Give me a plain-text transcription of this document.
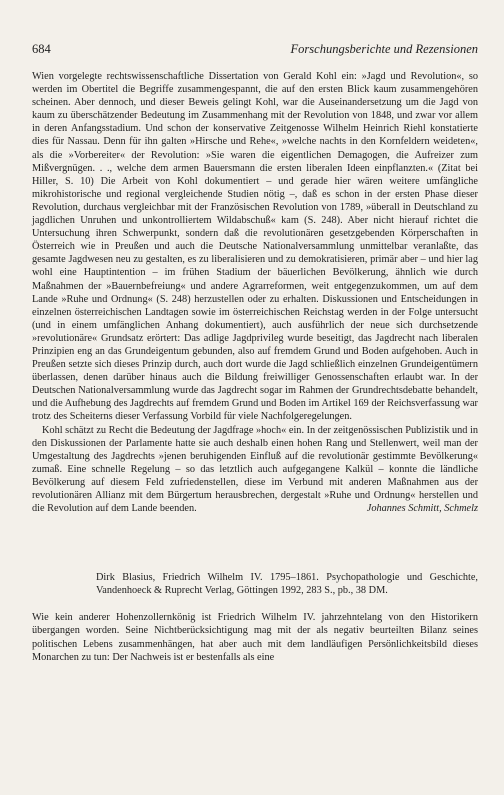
684	Forschungsberichte und Rezensionen

Wien vorgelegte rechtswissenschaftliche Dissertation von Gerald Kohl ein: »Jagd und Revolution«, so werden im Obertitel die Begriffe zusammengespannt, die auf den ersten Blick kaum zusammengehören scheinen. Aber dennoch, und dieser Beweis gelingt Kohl, war die Auseinandersetzung um die Jagd von kaum zu überschätzender Bedeutung im Zusammenhang mit der Revolution von 1848, und zwar vor allem in deren Anfangsstadium. Und schon der konservative Zeitgenosse Wilhelm Heinrich Riehl konstatierte dies für Nassau. Denn für ihn galten »Hirsche und Rehe«, »welche nachts in den Kornfeldern weideten«, als die »Vorbereiter« der Revolution: »Sie waren die eigentlichen Demagogen, die Aufreizer zum Mißvergnügen. . ., welche dem armen Bauersmann die ersten liberalen Ideen einpflanzten.« (Zitat bei Hiller, S. 10) Die Arbeit von Kohl dokumentiert – und gerade hier wären weitere umfängliche mikrohistorische und regional vergleichende Studien nötig –, daß es schon in der ersten Phase dieser Revolution, durchaus vergleichbar mit der Französischen Revolution von 1789, »überall in Deutschland zu jagdlichen Unruhen und unkontrolliertem Wildabschuß« kam (S. 248). Aber nicht hierauf richtet die Untersuchung ihren Schwerpunkt, sondern daß die revolutionären gesetzgebenden Körperschaften in Österreich wie in Preußen und auch die Deutsche Nationalversammlung unmittelbar veranlaßte, das gesamte Jagdwesen neu zu gestalten, es zu liberalisieren und zu demokratisieren, primär aber – und hier lag wohl eine Hauptintention – im frühen Stadium der bäuerlichen Bevölkerung, ähnlich wie durch Maßnahmen der »Bauernbefreiung« und andere Agrarreformen, weit entgegenzukommen, um auf dem Lande »Ruhe und Ordnung« (S. 248) herzustellen oder zu erhalten. Diskussionen und Entscheidungen in einzelnen österreichischen Landtagen sowie im österreichischen Reichstag werden in der Folge untersucht (und in einem umfänglichen Anhang dokumentiert), auch ausführlich der neue sich durchsetzende »revolutionäre« Grundsatz erörtert: Das adlige Jagdprivileg wurde beseitigt, das Jagdrecht nach liberalen Prinzipien eng an das Grundeigentum gebunden, also auf fremdem Grund und Boden aufgehoben. Auch in Preußen setzte sich dieses Prinzip durch, auch dort wurde die Jagd schließlich einzelnen Grundeigentümern überlassen, denen darüber hinaus auch die Bildung freiwilliger Genossenschaften erlaubt war. In der Deutschen Nationalversammlung wurde das Jagdrecht sogar im Rahmen der Grundrechtsdebatte behandelt, und die Aufhebung des Jagdrechts auf fremdem Grund und Boden im Artikel 169 der Reichsverfassung war trotz des Scheiterns dieser Verfassung Vorbild für viele Nachfolgeregelungen.

Kohl schätzt zu Recht die Bedeutung der Jagdfrage »hoch« ein. In der zeitgenössischen Publizistik und in den Diskussionen der Parlamente hatte sie auch deshalb einen hohen Rang und Stellenwert, weil man der Umgestaltung des Jagdrechts »jenen beruhigenden Einfluß auf die revolutionär gestimmte Bevölkerung« zumaß. Eine schnelle Regelung – so das letztlich auch aufgegangene Kalkül – konnte die ländliche Bevölkerung auf diesem Feld zufriedenstellen, diese im Verbund mit anderen Maßnahmen aus der revolutionären Allianz mit dem Bürgertum herausbrechen, dergestalt »Ruhe und Ordnung« herstellen und die Revolution auf dem Lande beenden.	Johannes Schmitt, Schmelz
Dirk Blasius, Friedrich Wilhelm IV. 1795–1861. Psychopathologie und Geschichte, Vandenhoeck & Ruprecht Verlag, Göttingen 1992, 283 S., pb., 38 DM.
Wie kein anderer Hohenzollernkönig ist Friedrich Wilhelm IV. jahrzehntelang von den Historikern übergangen worden. Seine Nichtberücksichtigung mag mit der als negativ beurteilten Bilanz seines politischen Lebens zusammenhängen, hat aber auch mit dem landläufigen Persönlichkeitsbild dieses Monarchen zu tun: Der Nachweis ist er bestenfalls als eine
